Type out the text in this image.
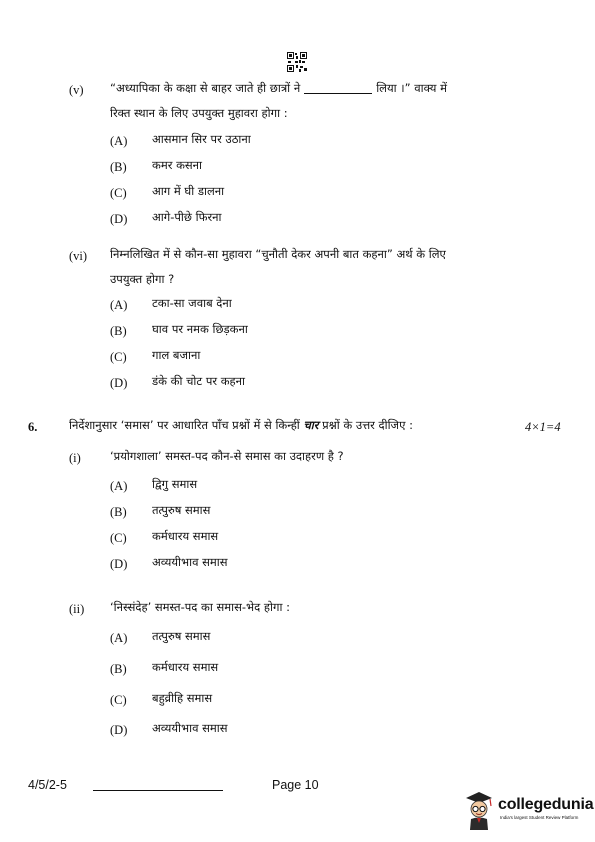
(v) “अध्यापिका के कक्षा से बाहर जाते ही छात्रों ने	लिया ।” वाक्य में
रिक्त स्थान के लिए उपयुक्त मुहावरा होगा :
(A) आसमान सिर पर उठाना
(B) कमर कसना
(C) आग में घी डालना
(D) आगे-पीछे फिरना
(vi) निम्नलिखित में से कौन-सा मुहावरा “चुनौती देकर अपनी बात कहना” अर्थ के लिए
उपयुक्त होगा ?
(A) टका-सा जवाब देना
(B) घाव पर नमक छिड़कना
(C) गाल बजाना
(D) डंके की चोट पर कहना
6.	निर्देशानुसार ‘समास’ पर आधारित पाँच प्रश्नों में से किन्हीं चार प्रश्नों के उत्तर दीजिए :	4×1=4
(i)	‘प्रयोगशाला’ समस्त-पद कौन-से समास का उदाहरण है ?
(A) द्विगु समास
(B) तत्पुरुष समास
(C) कर्मधारय समास
(D) अव्ययीभाव समास
(ii) ‘निस्संदेह’ समस्त-पद का समास-भेद होगा :
(A) तत्पुरुष समास
(B) कर्मधारय समास
(C) बहुव्रीहि समास
(D) अव्ययीभाव समास
4/5/2-5	Page 10
collegedunia
India's largest Student Review Platform
